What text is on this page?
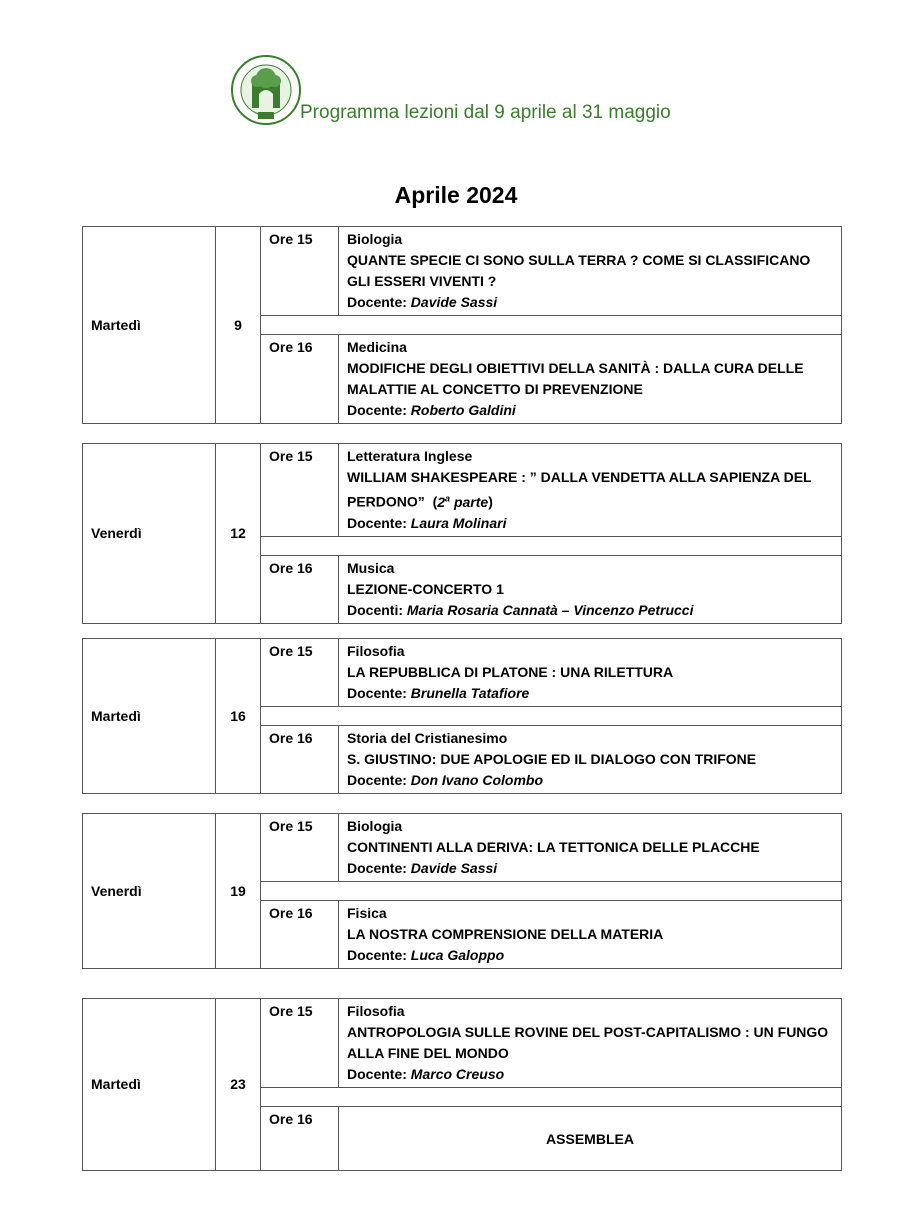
Programma lezioni dal 9 aprile al 31 maggio
Aprile 2024
Martedì	9	Ore 15	Biologia
QUANTE SPECIE CI SONO SULLA TERRA ? COME SI CLASSIFICANO GLI ESSERI VIVENTI ?
Docente: Davide Sassi

		Ore 16	Medicina
MODIFICHE DEGLI OBIETTIVI DELLA SANITÀ : DALLA CURA DELLE MALATTIE AL CONCETTO DI PREVENZIONE
Docente: Roberto Galdini
Venerdì	12	Ore 15	Letteratura Inglese
WILLIAM SHAKESPEARE : ” DALLA VENDETTA ALLA SAPIENZA DEL PERDONO”  (2$^a$ parte)
Docente: Laura Molinari

		Ore 16	Musica
LEZIONE-CONCERTO 1
Docenti: Maria Rosaria Cannatà – Vincenzo Petrucci
Martedì	16	Ore 15	Filosofia
LA REPUBBLICA DI PLATONE : UNA RILETTURA
Docente: Brunella Tatafiore

		Ore 16	Storia del Cristianesimo
S. GIUSTINO: DUE APOLOGIE ED IL DIALOGO CON TRIFONE
Docente: Don Ivano Colombo
Venerdì	19	Ore 15	Biologia
CONTINENTI ALLA DERIVA: LA TETTONICA DELLE PLACCHE
Docente: Davide Sassi

		Ore 16	Fisica
LA NOSTRA COMPRENSIONE DELLA MATERIA
Docente: Luca Galoppo
Martedì	23	Ore 15	Filosofia
ANTROPOLOGIA SULLE ROVINE DEL POST-CAPITALISMO : UN FUNGO ALLA FINE DEL MONDO
Docente: Marco Creuso

		Ore 16	ASSEMBLEA
